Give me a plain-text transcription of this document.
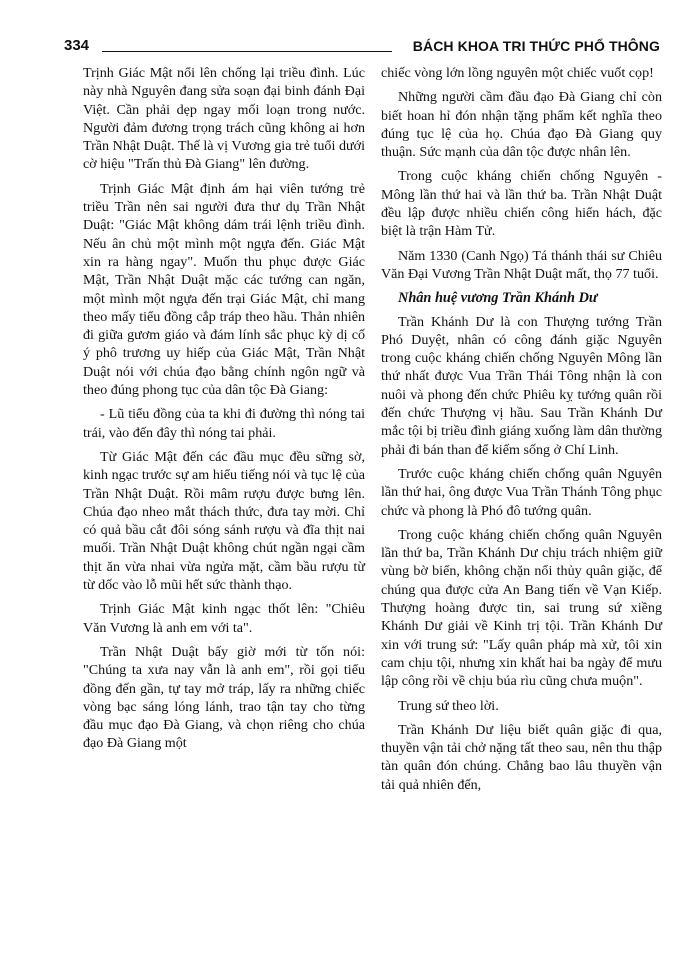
334	BÁCH KHOA TRI THỨC PHỔ THÔNG

Trịnh Giác Mật nổi lên chống lại triều đình. Lúc này nhà Nguyên đang sửa soạn đại binh đánh Đại Việt. Cần phải dẹp ngay mối loạn trong nước. Người đảm đương trọng trách cũng không ai hơn Trần Nhật Duật. Thế là vị Vương gia trẻ tuổi dưới cờ hiệu "Trấn thủ Đà Giang" lên đường.

Trịnh Giác Mật định ám hại viên tướng trẻ triều Trần nên sai người đưa thư dụ Trần Nhật Duật: "Giác Mật không dám trái lệnh triều đình. Nếu ân chủ một mình một ngựa đến. Giác Mật xin ra hàng ngay". Muốn thu phục được Giác Mật, Trần Nhật Duật mặc các tướng can ngăn, một mình một ngựa đến trại Giác Mật, chỉ mang theo mấy tiểu đồng cắp tráp theo hầu. Thản nhiên đi giữa gươm giáo và đám lính sắc phục kỳ dị cố ý phô trương uy hiếp của Giác Mật, Trần Nhật Duật nói với chúa đạo bằng chính ngôn ngữ và theo đúng phong tục của dân tộc Đà Giang:

- Lũ tiểu đồng của ta khi đi đường thì nóng tai trái, vào đến đây thì nóng tai phải.

Từ Giác Mật đến các đầu mục đều sững sờ, kinh ngạc trước sự am hiểu tiếng nói và tục lệ của Trần Nhật Duật. Rồi mâm rượu được bưng lên. Chúa đạo nheo mắt thách thức, đưa tay mời. Chỉ có quả bầu cắt đôi sóng sánh rượu và đĩa thịt nai muối. Trần Nhật Duật không chút ngần ngại cầm thịt ăn vừa nhai vừa ngửa mặt, cầm bầu rượu từ từ dốc vào lỗ mũi hết sức thành thạo.

Trịnh Giác Mật kinh ngạc thốt lên: "Chiêu Văn Vương là anh em với ta".

Trần Nhật Duật bấy giờ mới từ tốn nói: "Chúng ta xưa nay vẫn là anh em", rồi gọi tiểu đồng đến gần, tự tay mở tráp, lấy ra những chiếc vòng bạc sáng lóng lánh, trao tận tay cho từng đầu mục đạo Đà Giang, và chọn riêng cho chúa đạo Đà Giang một

chiếc vòng lớn lồng nguyên một chiếc vuốt cọp!

Những người cầm đầu đạo Đà Giang chỉ còn biết hoan hỉ đón nhận tặng phẩm kết nghĩa theo đúng tục lệ của họ. Chúa đạo Đà Giang quy thuận. Sức mạnh của dân tộc được nhân lên.

Trong cuộc kháng chiến chống Nguyên - Mông lần thứ hai và lần thứ ba. Trần Nhật Duật đều lập được nhiều chiến công hiển hách, đặc biệt là trận Hàm Tử.

Năm 1330 (Canh Ngọ) Tá thánh thái sư Chiêu Văn Đại Vương Trần Nhật Duật mất, thọ 77 tuổi.

Nhân huệ vương Trần Khánh Dư

Trần Khánh Dư là con Thượng tướng Trần Phó Duyệt, nhân có công đánh giặc Nguyên trong cuộc kháng chiến chống Nguyên Mông lần thứ nhất được Vua Trần Thái Tông nhận là con nuôi và phong đến chức Phiêu kỵ tướng quân rồi đến chức Thượng vị hầu. Sau Trần Khánh Dư mắc tội bị triều đình giáng xuống làm dân thường phải đi bán than để kiếm sống ở Chí Linh.

Trước cuộc kháng chiến chống quân Nguyên lần thứ hai, ông được Vua Trần Thánh Tông phục chức và phong là Phó đô tướng quân.

Trong cuộc kháng chiến chống quân Nguyên lần thứ ba, Trần Khánh Dư chịu trách nhiệm giữ vùng bờ biển, không chặn nổi thủy quân giặc, để chúng qua được cửa An Bang tiến về Vạn Kiếp. Thượng hoàng được tin, sai trung sứ xiềng Khánh Dư giải về Kinh trị tội. Trần Khánh Dư xin với trung sứ: "Lấy quân pháp mà xử, tôi xin cam chịu tội, nhưng xin khất hai ba ngày để mưu lập công rồi về chịu búa rìu cũng chưa muộn".

Trung sứ theo lời.

Trần Khánh Dư liệu biết quân giặc đi qua, thuyền vận tải chở nặng tất theo sau, nên thu thập tàn quân đón chúng. Chẳng bao lâu thuyền vận tải quả nhiên đến,
